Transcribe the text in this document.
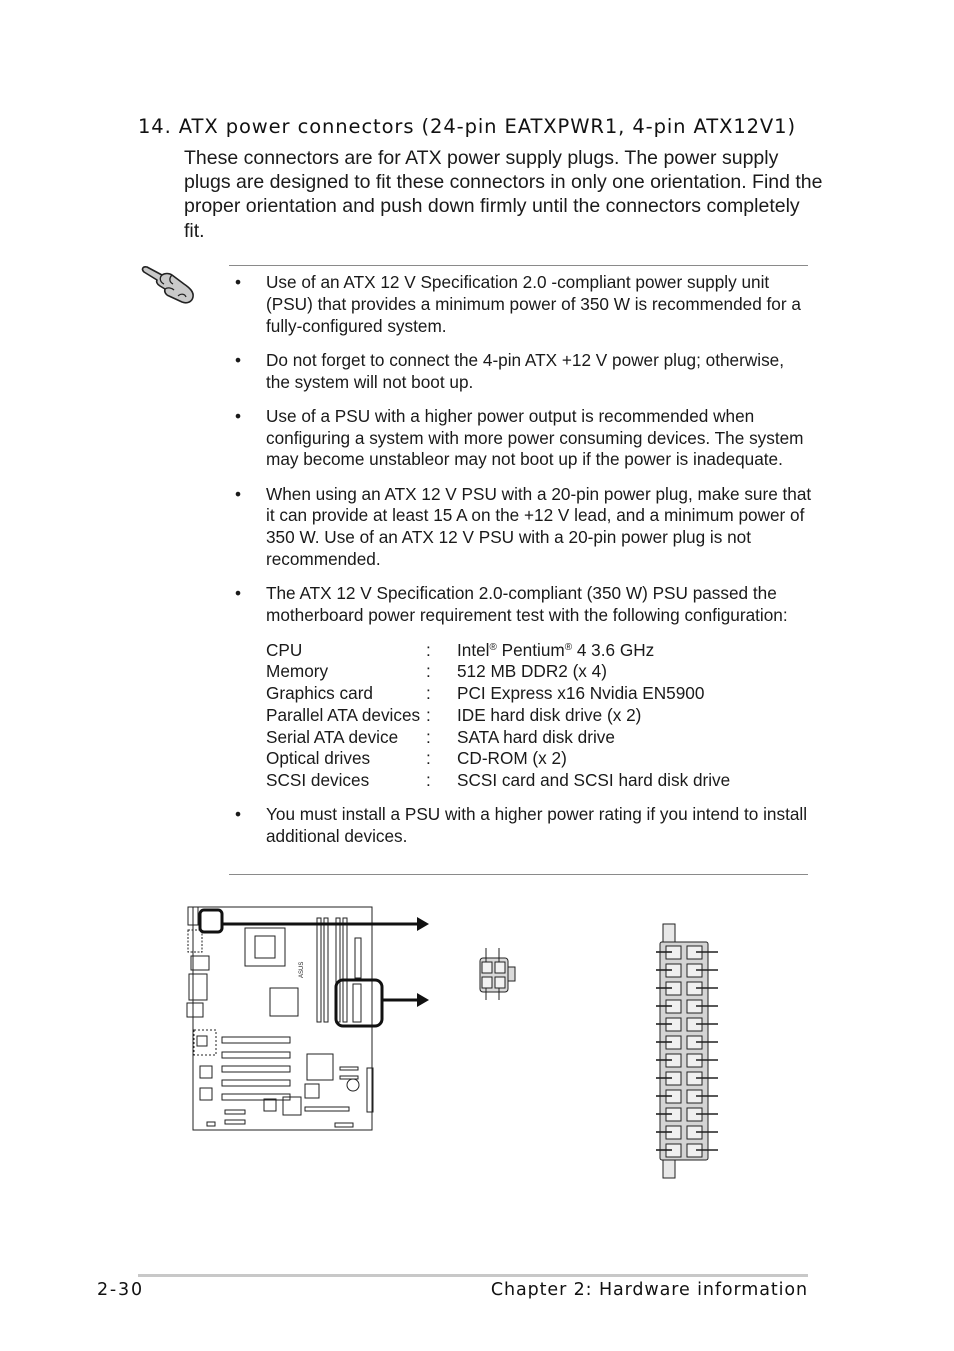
14. ATX power connectors (24-pin EATXPWR1, 4-pin ATX12V1)

These connectors are for ATX power supply plugs. The power supply plugs are designed to fit these connectors in only one orientation. Find the proper orientation and push down firmly until the connectors completely fit.

• Use of an ATX 12 V Specification 2.0 -compliant power supply unit (PSU) that provides a minimum power of 350 W is recommended for a fully-configured system.
• Do not forget to connect the 4-pin ATX +12 V power plug; otherwise, the system will not boot up.
• Use of a PSU with a higher power output is recommended when configuring a system with more power consuming devices. The system may become unstableor may not boot up if the power is inadequate.
• When using an ATX 12 V PSU with a 20-pin power plug, make sure that it can provide at least 15 A on the +12 V lead, and a minimum power of 350 W. Use of an ATX 12 V PSU with a 20-pin power plug is not recommended.
• The ATX 12 V Specification 2.0-compliant (350 W) PSU passed the motherboard power requirement test with the following configuration:
CPU	:	Intel® Pentium® 4 3.6 GHz
Memory	:	512 MB DDR2 (x 4)
Graphics card	:	PCI Express x16 Nvidia EN5900
Parallel ATA devices	:	IDE hard disk drive (x 2)
Serial ATA device	:	SATA hard disk drive
Optical drives	:	CD-ROM (x 2)
SCSI devices	:	SCSI card and SCSI hard disk drive
• You must install a PSU with a higher power rating if you intend to install additional devices.
ASUS
2-30	Chapter 2: Hardware information
